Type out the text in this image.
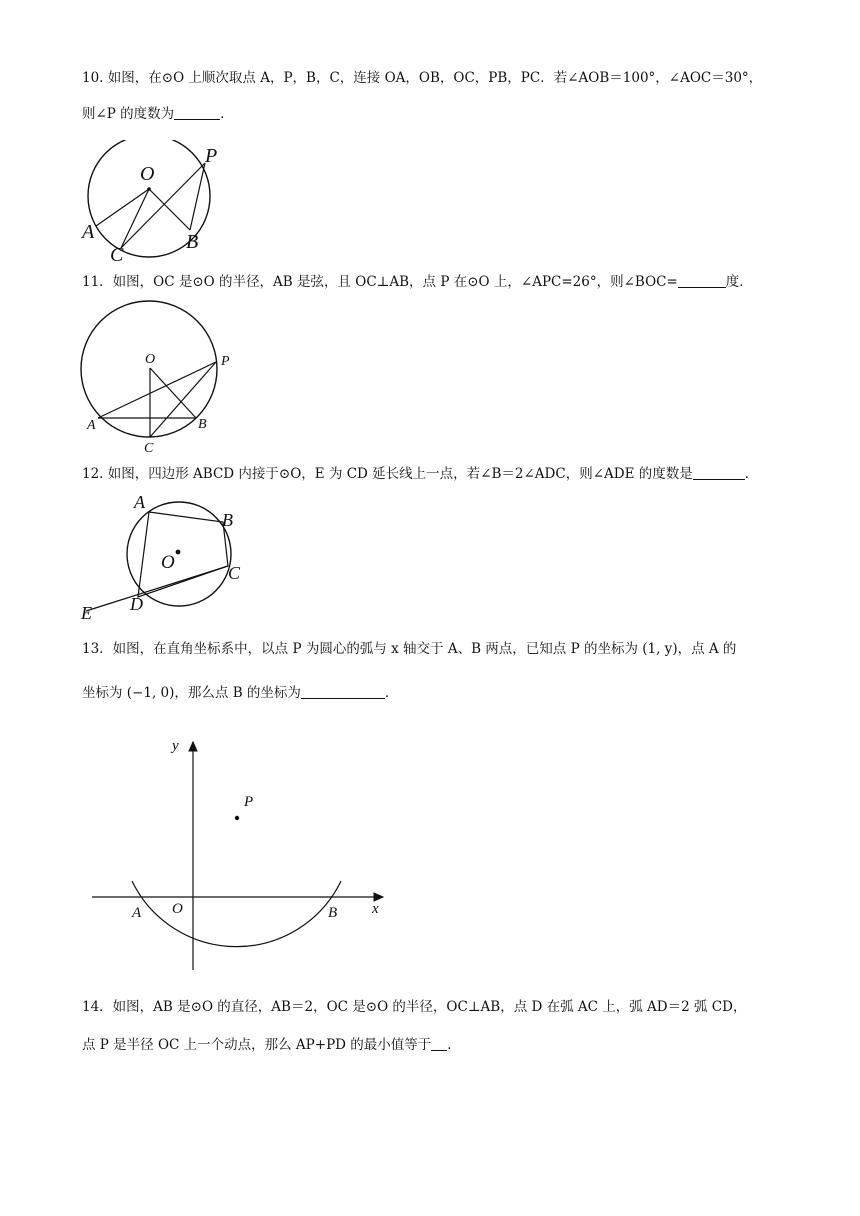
10. 如图，在⊙O 上顺次取点 A，P，B，C，连接 OA，OB，OC，PB，PC．若∠AOB＝100°，∠AOC＝30°，
则∠P 的度数为	．
O
P
A
C
B
11．如图，OC 是⊙O 的半径，AB 是弦，且 OC⊥AB，点 P 在⊙O 上，∠APC=26°，则∠BOC=	度．
O	P
A
C
B
12. 如图，四边形 ABCD 内接于⊙O，E 为 CD 延长线上一点，若∠B＝2∠ADC，则∠ADE 的度数是	．
A
B
O	C
D
E
13．如图，在直角坐标系中，以点 P 为圆心的弧与 x 轴交于 A、B 两点，已知点 P 的坐标为 (1, y)，点 A 的
坐标为 (−1, 0)，那么点 B 的坐标为	．
y
P
A O	B x
14．如图，AB 是⊙O 的直径，AB＝2，OC 是⊙O 的半径，OC⊥AB，点 D 在弧 AC 上，弧 AD＝2 弧 CD，
点 P 是半径 OC 上一个动点，那么 AP+PD 的最小值等于 ．
